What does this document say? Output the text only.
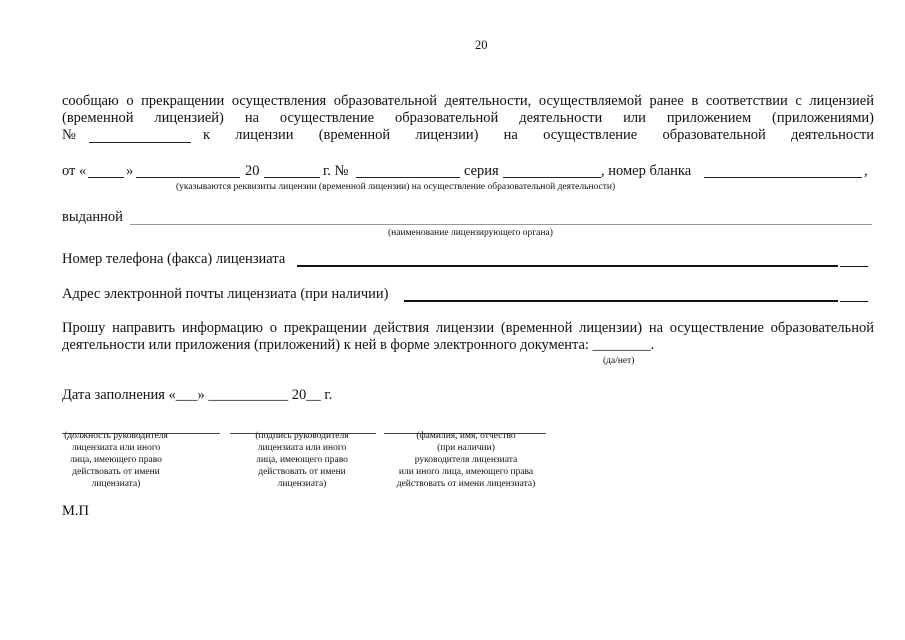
20
сообщаю о прекращении осуществления образовательной деятельности, осуществляемой ранее в соответствии с лицензией
(временной лицензией) на осуществление образовательной деятельности или приложением (приложениями)
№	к лицензии (временной лицензии) на осуществление образовательной деятельности
от «	»	20	г. №	серия	, номер бланка	,
(указываются реквизиты лицензии (временной лицензии) на осуществление образовательной деятельности)
выданной
(наименование лицензирующего органа)
Номер телефона (факса) лицензиата
Адрес электронной почты лицензиата (при наличии)
Прошу направить информацию о прекращении действия лицензии (временной лицензии) на осуществление образовательной
деятельности или приложения (приложений) к ней в форме электронного документа: ________.
(да/нет)
Дата заполнения «___» ___________ 20__ г.
(должность руководителя
лицензиата или иного
лица, имеющего право
действовать от имени
лицензиата)
(подпись руководителя
лицензиата или иного
лица, имеющего право
действовать от имени
лицензиата)
(фамилия, имя, отчество
(при наличии)
руководителя лицензиата
или иного лица, имеющего права
действовать от имени лицензиата)
М.П
